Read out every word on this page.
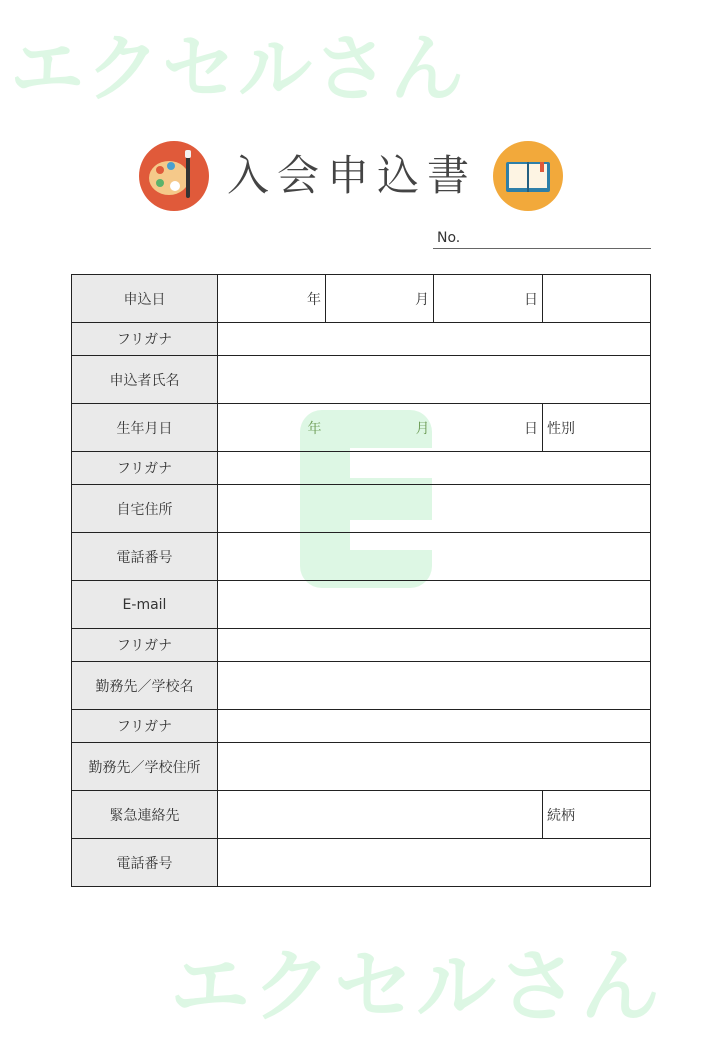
エクセルさん
エクセルさん
入会申込書
No.
申込日	年	月	日	
フリガナ				
申込者氏名				
生年月日	年	月	日	性別
フリガナ				
自宅住所				
電話番号				
E-mail				
フリガナ				
勤務先／学校名				
フリガナ				
勤務先／学校住所				
緊急連絡先				続柄
電話番号				
